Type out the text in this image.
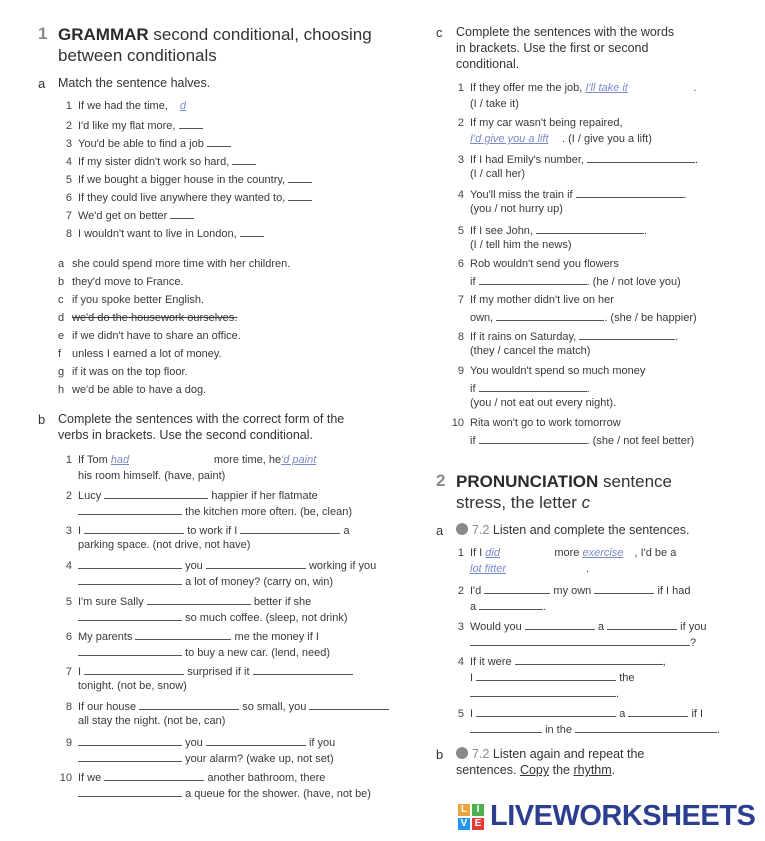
1 GRAMMAR second conditional, choosing
between conditionals
a Match the sentence halves.
1 If we had the time, d
2 I'd like my flat more,
3 You'd be able to find a job
4 If my sister didn't work so hard,
5 If we bought a bigger house in the country,
6 If they could live anywhere they wanted to,
7 We'd get on better
8 I wouldn't want to live in London,
a she could spend more time with her children.
b they'd move to France.
c if you spoke better English.
d we'd do the housework ourselves.
e if we didn't have to share an office.
f unless I earned a lot of money.
g if it was on the top floor.
h we'd be able to have a dog.
b Complete the sentences with the correct form of the
verbs in brackets. Use the second conditional.
1 If Tom had	more time, he'd paint
his room himself. (have, paint)
2 Lucy	happier if her flatmate
the kitchen more often. (be, clean)
3 I	to work if I	a
parking space. (not drive, not have)
4	you	working if you
a lot of money? (carry on, win)
5 I'm sure Sally	better if she
so much coffee. (sleep, not drink)
6 My parents	me the money if I
to buy a new car. (lend, need)
7 I	surprised if it
tonight. (not be, snow)
8 If our house	so small, you
all stay the night. (not be, can)
9	you	if you
your alarm? (wake up, not set)
10 If we	another bathroom, there
a queue for the shower. (have, not be)
c Complete the sentences with the words
in brackets. Use the first or second
conditional.
1 If they offer me the job, I'll take it	.
(I / take it)
2 If my car wasn't being repaired,
I'd give you a lift . (I / give you a lift)
3 If I had Emily's number,	.
(I / call her)
4 You'll miss the train if	.
(you / not hurry up)
5 If I see John,	.
(I / tell him the news)
6 Rob wouldn't send you flowers
if	. (he / not love you)
7 If my mother didn't live on her
own,	. (she / be happier)
8 If it rains on Saturday,	.
(they / cancel the match)
9 You wouldn't spend so much money
if	.
(you / not eat out every night).
10 Rita won't go to work tomorrow
if	. (she / not feel better)
2 PRONUNCIATION sentence
stress, the letter c
a	7.2 Listen and complete the sentences.
1 If I did	more exercise , I'd be a
lot fitter	.
2 I'd	my own	if I had
a	.
3 Would you	a	if you
?
4 If it were	,
I	the
.
5 I	a	if I
in the	.
b	7.2 Listen again and repeat the
sentences. Copy the rhythm.
L I
V E LIVEWORKSHEETS
